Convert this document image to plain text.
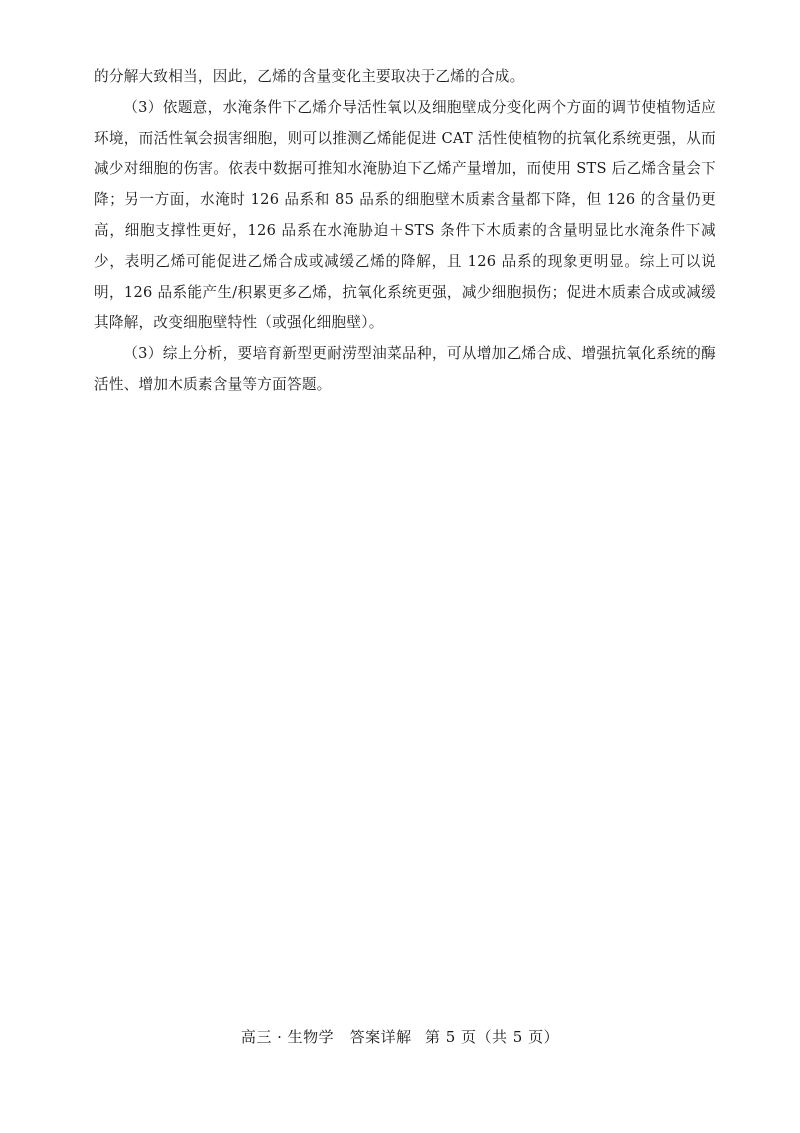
的分解大致相当，因此，乙烯的含量变化主要取决于乙烯的合成。

（3）依题意，水淹条件下乙烯介导活性氧以及细胞壁成分变化两个方面的调节使植物适应环境，而活性氧会损害细胞，则可以推测乙烯能促进 CAT 活性使植物的抗氧化系统更强，从而减少对细胞的伤害。依表中数据可推知水淹胁迫下乙烯产量增加，而使用 STS 后乙烯含量会下降；另一方面，水淹时 126 品系和 85 品系的细胞壁木质素含量都下降，但 126 的含量仍更高，细胞支撑性更好，126 品系在水淹胁迫＋STS 条件下木质素的含量明显比水淹条件下减少，表明乙烯可能促进乙烯合成或减缓乙烯的降解，且 126 品系的现象更明显。综上可以说明，126 品系能产生/积累更多乙烯，抗氧化系统更强，减少细胞损伤；促进木质素合成或减缓其降解，改变细胞壁特性（或强化细胞壁）。

（3）综上分析，要培育新型更耐涝型油菜品种，可从增加乙烯合成、增强抗氧化系统的酶活性、增加木质素含量等方面答题。

高三 · 生物学　答案详解 第 5 页（共 5 页）
